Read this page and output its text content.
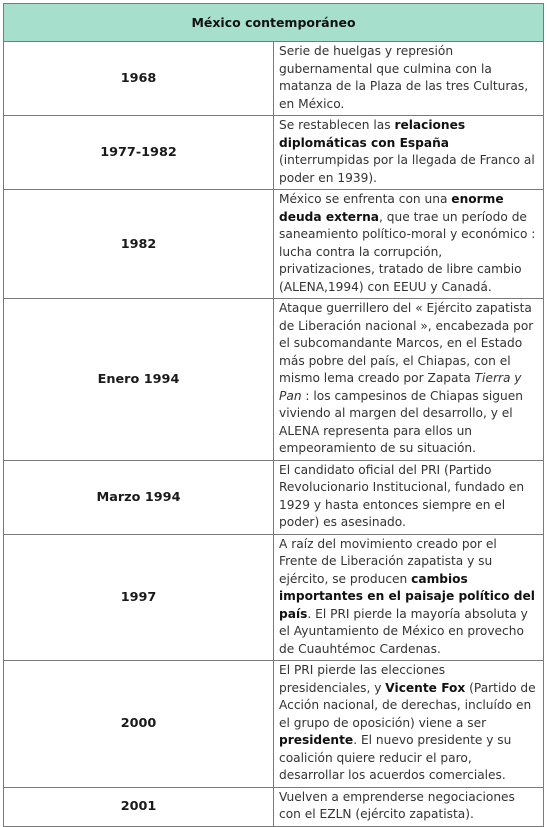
México contemporáneo	
1968	Serie de huelgas y represión gubernamental que culmina con la matanza de la Plaza de las tres Culturas, en México.
1977-1982	Se restablecen las relaciones diplomáticas con España (interrumpidas por la llegada de Franco al poder en 1939).
1982	México se enfrenta con una enorme deuda externa, que trae un período de saneamiento político-moral y económico : lucha contra la corrupción, privatizaciones, tratado de libre cambio (ALENA,1994) con EEUU y Canadá.
Enero 1994	Ataque guerrillero del « Ejército zapatista de Liberación nacional », encabezada por el subcomandante Marcos, en el Estado más pobre del país, el Chiapas, con el mismo lema creado por Zapata Tierra y Pan : los campesinos de Chiapas siguen viviendo al margen del desarrollo, y el ALENA representa para ellos un empeoramiento de su situación.
Marzo 1994	El candidato oficial del PRI (Partido Revolucionario Institucional, fundado en 1929 y hasta entonces siempre en el poder) es asesinado.
1997	A raíz del movimiento creado por el Frente de Liberación zapatista y su ejército, se producen cambios importantes en el paisaje político del país. El PRI pierde la mayoría absoluta y el Ayuntamiento de México en provecho de Cuauhtémoc Cardenas.
2000	El PRI pierde las elecciones presidenciales, y Vicente Fox (Partido de Acción nacional, de derechas, incluído en el grupo de oposición) viene a ser presidente. El nuevo presidente y su coalición quiere reducir el paro, desarrollar los acuerdos comerciales.
2001	Vuelven a emprenderse negociaciones con el EZLN (ejército zapatista).
